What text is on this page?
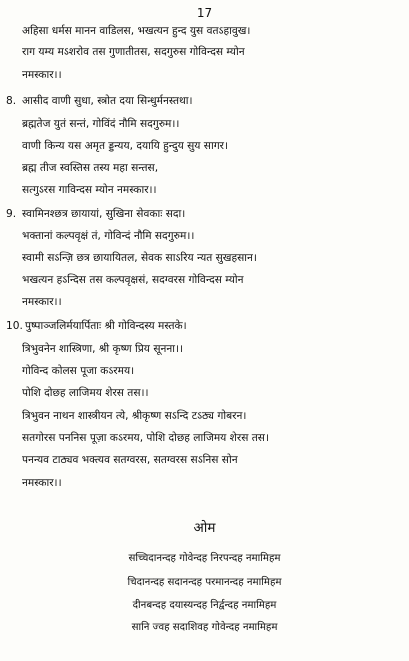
17
अहिसा धर्मस मानन वाडिलस, भखत्यन हुन्द युस वतऽहावुख।
राग यम्य मऽशरोव तस गुणातीतस, सदगुरुस गोविन्दस म्योन
नमस्कार।।
8. आसीद वाणी सुधा, स्त्रोत दया सिन्धुर्मनस्तथा।
ब्रह्मतेज युतं सन्तं, गोविंदं नौमि सदगुरुम।।
वाणी किन्य यस अमृत ड्डन्यय, दयायि हुन्दुय सुय सागर।
ब्रह्म तीज स्वस्तिस तस्य महा सन्तस,
सत्गुऽरस गाविन्दस म्योन नमस्कार।।
9. स्वामिनश्छत्र छायायां, सुखिना सेवकाः सदा।
भक्तानां कल्पवृक्षं तं, गोविन्दं नौमि सदगुरुम।।
स्वामी सऽन्ज़ि छत्र छायायितल, सेवक साऽरिय न्यत सुखहसान।
भखत्यन हऽन्दिस तस कल्पवृक्षसं, सदग्वरस गोविन्दस म्योन
नमस्कार।।
10. पुष्पाञ्जलिर्मयार्पिताः श्री गोविन्दस्य मस्तके।
त्रिभुवनेन शास्त्रिणा, श्री कृष्ण प्रिय सूनना।।
गोविन्द कोलस पूजा कऽरमय।
पोशि दोछह लाजिमय शेरस तस।।
त्रिभुवन नाथन शास्त्रीयन त्ये, श्रीकृष्ण सऽन्दि टऽठ्य गोबरन।
सतगोरस पननिस पूज़ा कऽरमय, पोशि दोछह लाजिमय शेरस तस।
पनन्यव टाठ्यव भक्त्यव सतग्वरस, सतग्वरस सऽनिस सोन
नमस्कार।।
ओम
सच्चिदानन्दह गोवेन्दह निरपन्दह नमामिहम
चिदानन्दह सदानन्दह परमानन्दह नमामिहम
दीनबन्दह दयास्यन्दह निर्द्वन्दह नमामिहम
सानि ज्वह सदाशिवह गोवेन्दह नमामिहम
